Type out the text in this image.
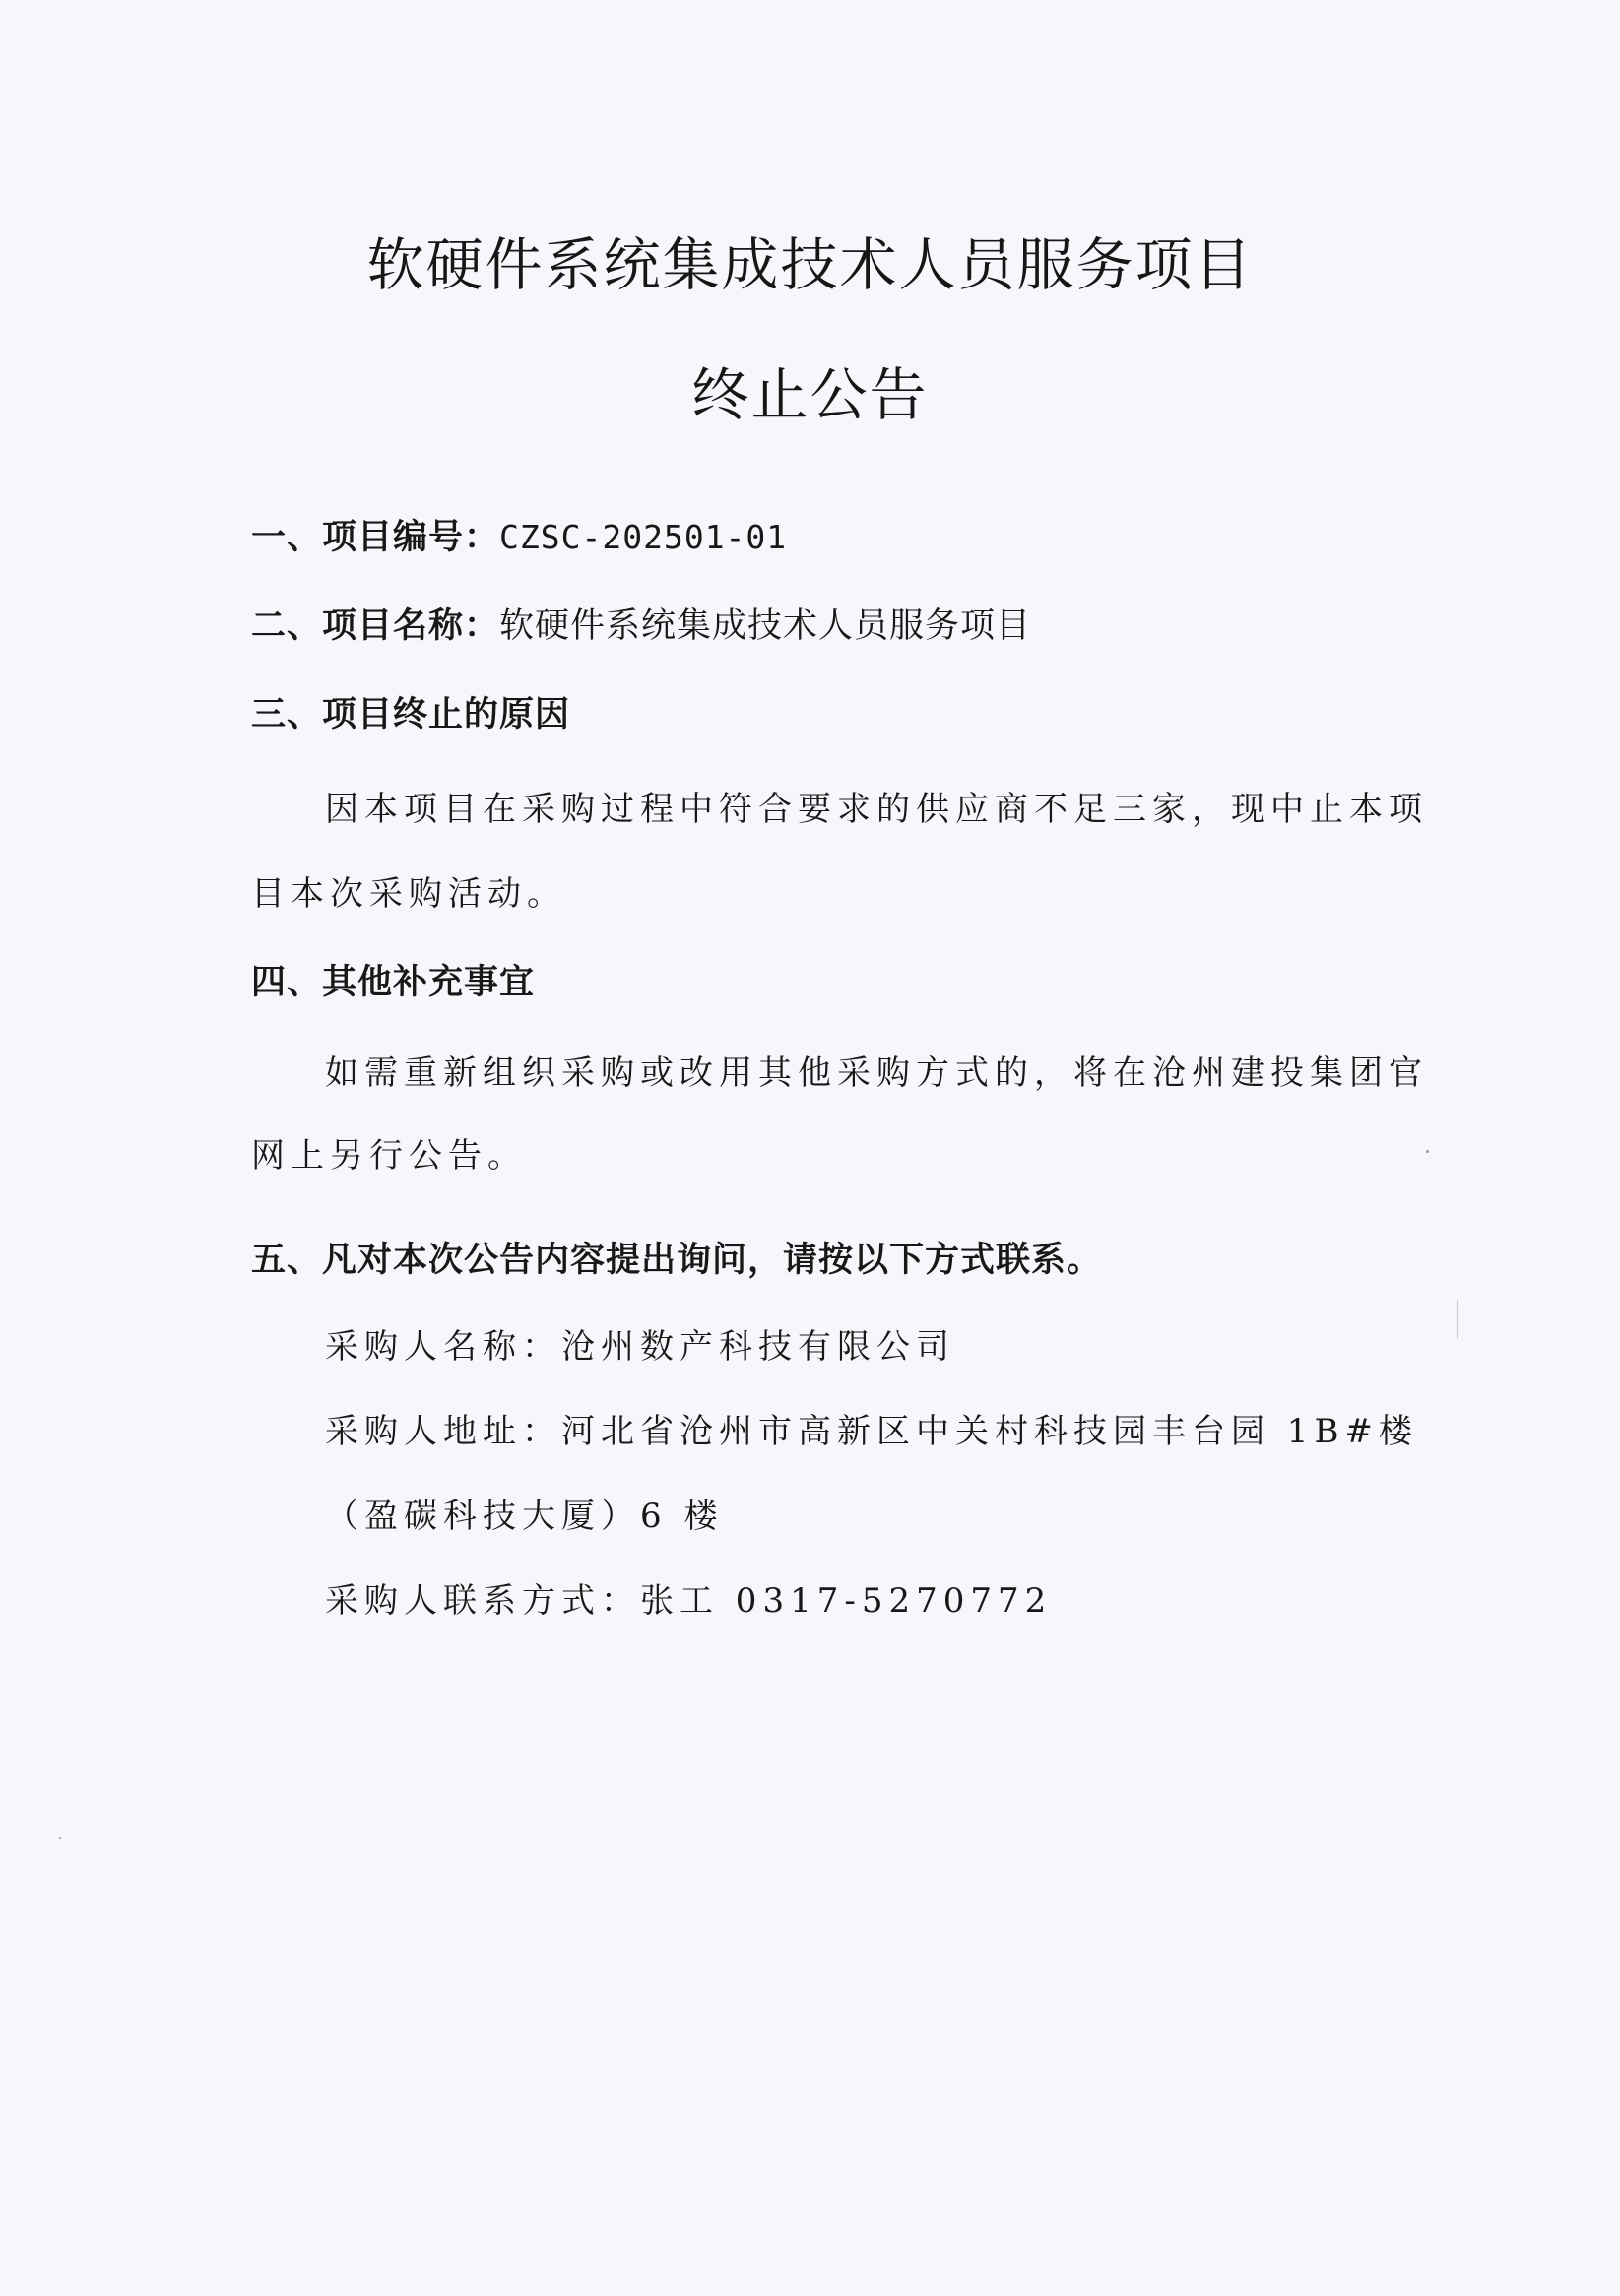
软硬件系统集成技术人员服务项目
终止公告
一、项目编号：CZSC-202501-01
二、项目名称：软硬件系统集成技术人员服务项目
三、项目终止的原因
因本项目在采购过程中符合要求的供应商不足三家，现中止本项
目本次采购活动。
四、其他补充事宜
如需重新组织采购或改用其他采购方式的，将在沧州建投集团官
网上另行公告。
五、凡对本次公告内容提出询问，请按以下方式联系。
采购人名称：沧州数产科技有限公司
采购人地址：河北省沧州市高新区中关村科技园丰台园 1B#楼
（盈碳科技大厦）6 楼
采购人联系方式：张工 0317-5270772
